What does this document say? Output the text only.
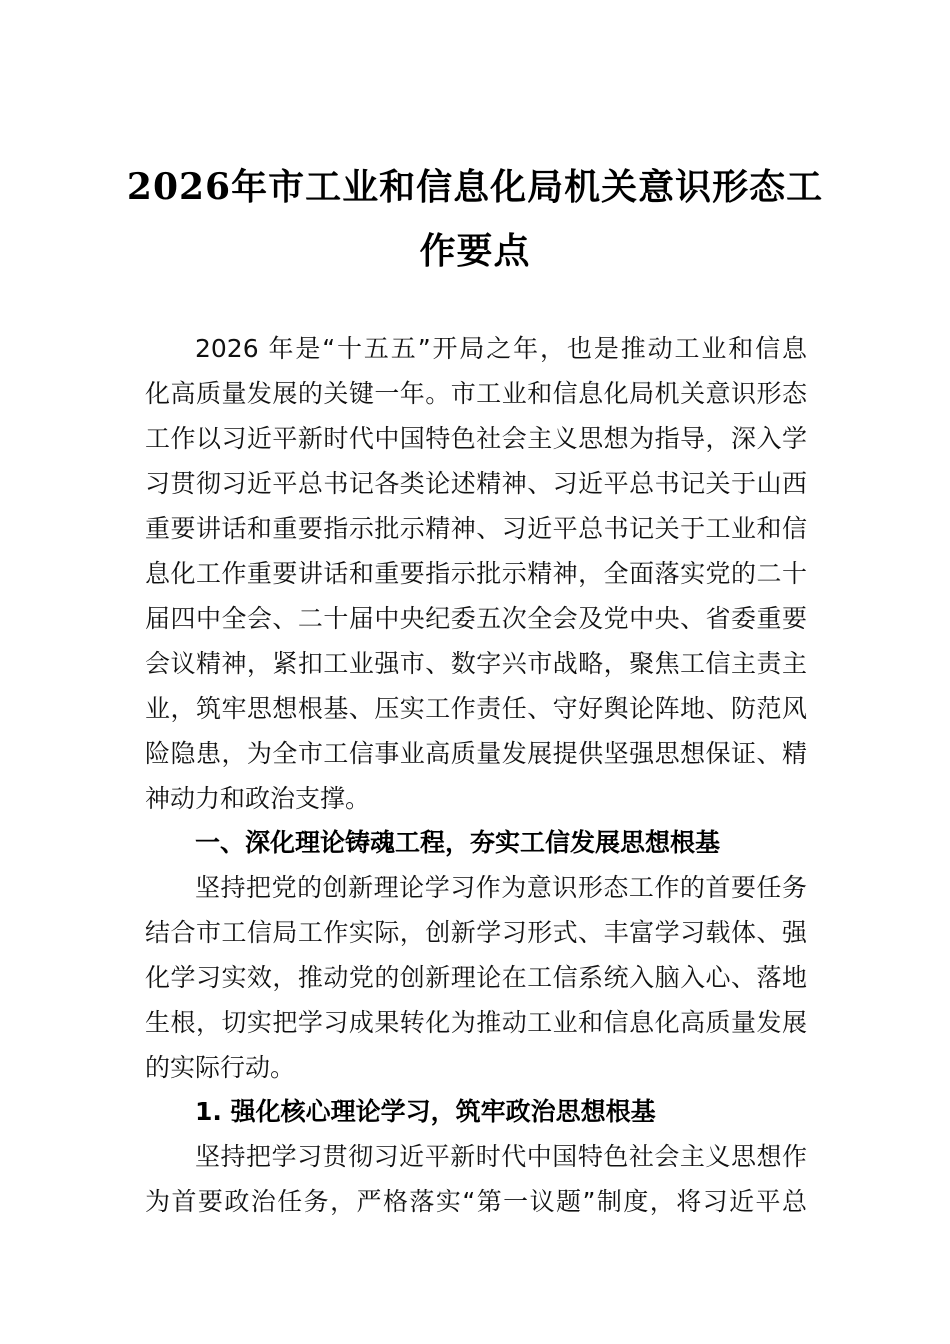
2026年市工业和信息化局机关意识形态工
作要点
2026 年是“十五五”开局之年，也是推动工业和信息
化高质量发展的关键一年。市工业和信息化局机关意识形态
工作以习近平新时代中国特色社会主义思想为指导，深入学
习贯彻习近平总书记各类论述精神、习近平总书记关于山西
重要讲话和重要指示批示精神、习近平总书记关于工业和信
息化工作重要讲话和重要指示批示精神，全面落实党的二十
届四中全会、二十届中央纪委五次全会及党中央、省委重要
会议精神，紧扣工业强市、数字兴市战略，聚焦工信主责主
业，筑牢思想根基、压实工作责任、守好舆论阵地、防范风
险隐患，为全市工信事业高质量发展提供坚强思想保证、精
神动力和政治支撑。
一、深化理论铸魂工程，夯实工信发展思想根基
坚持把党的创新理论学习作为意识形态工作的首要任务
结合市工信局工作实际，创新学习形式、丰富学习载体、强
化学习实效，推动党的创新理论在工信系统入脑入心、落地
生根，切实把学习成果转化为推动工业和信息化高质量发展
的实际行动。
1. 强化核心理论学习，筑牢政治思想根基
坚持把学习贯彻习近平新时代中国特色社会主义思想作
为首要政治任务，严格落实“第一议题”制度，将习近平总
